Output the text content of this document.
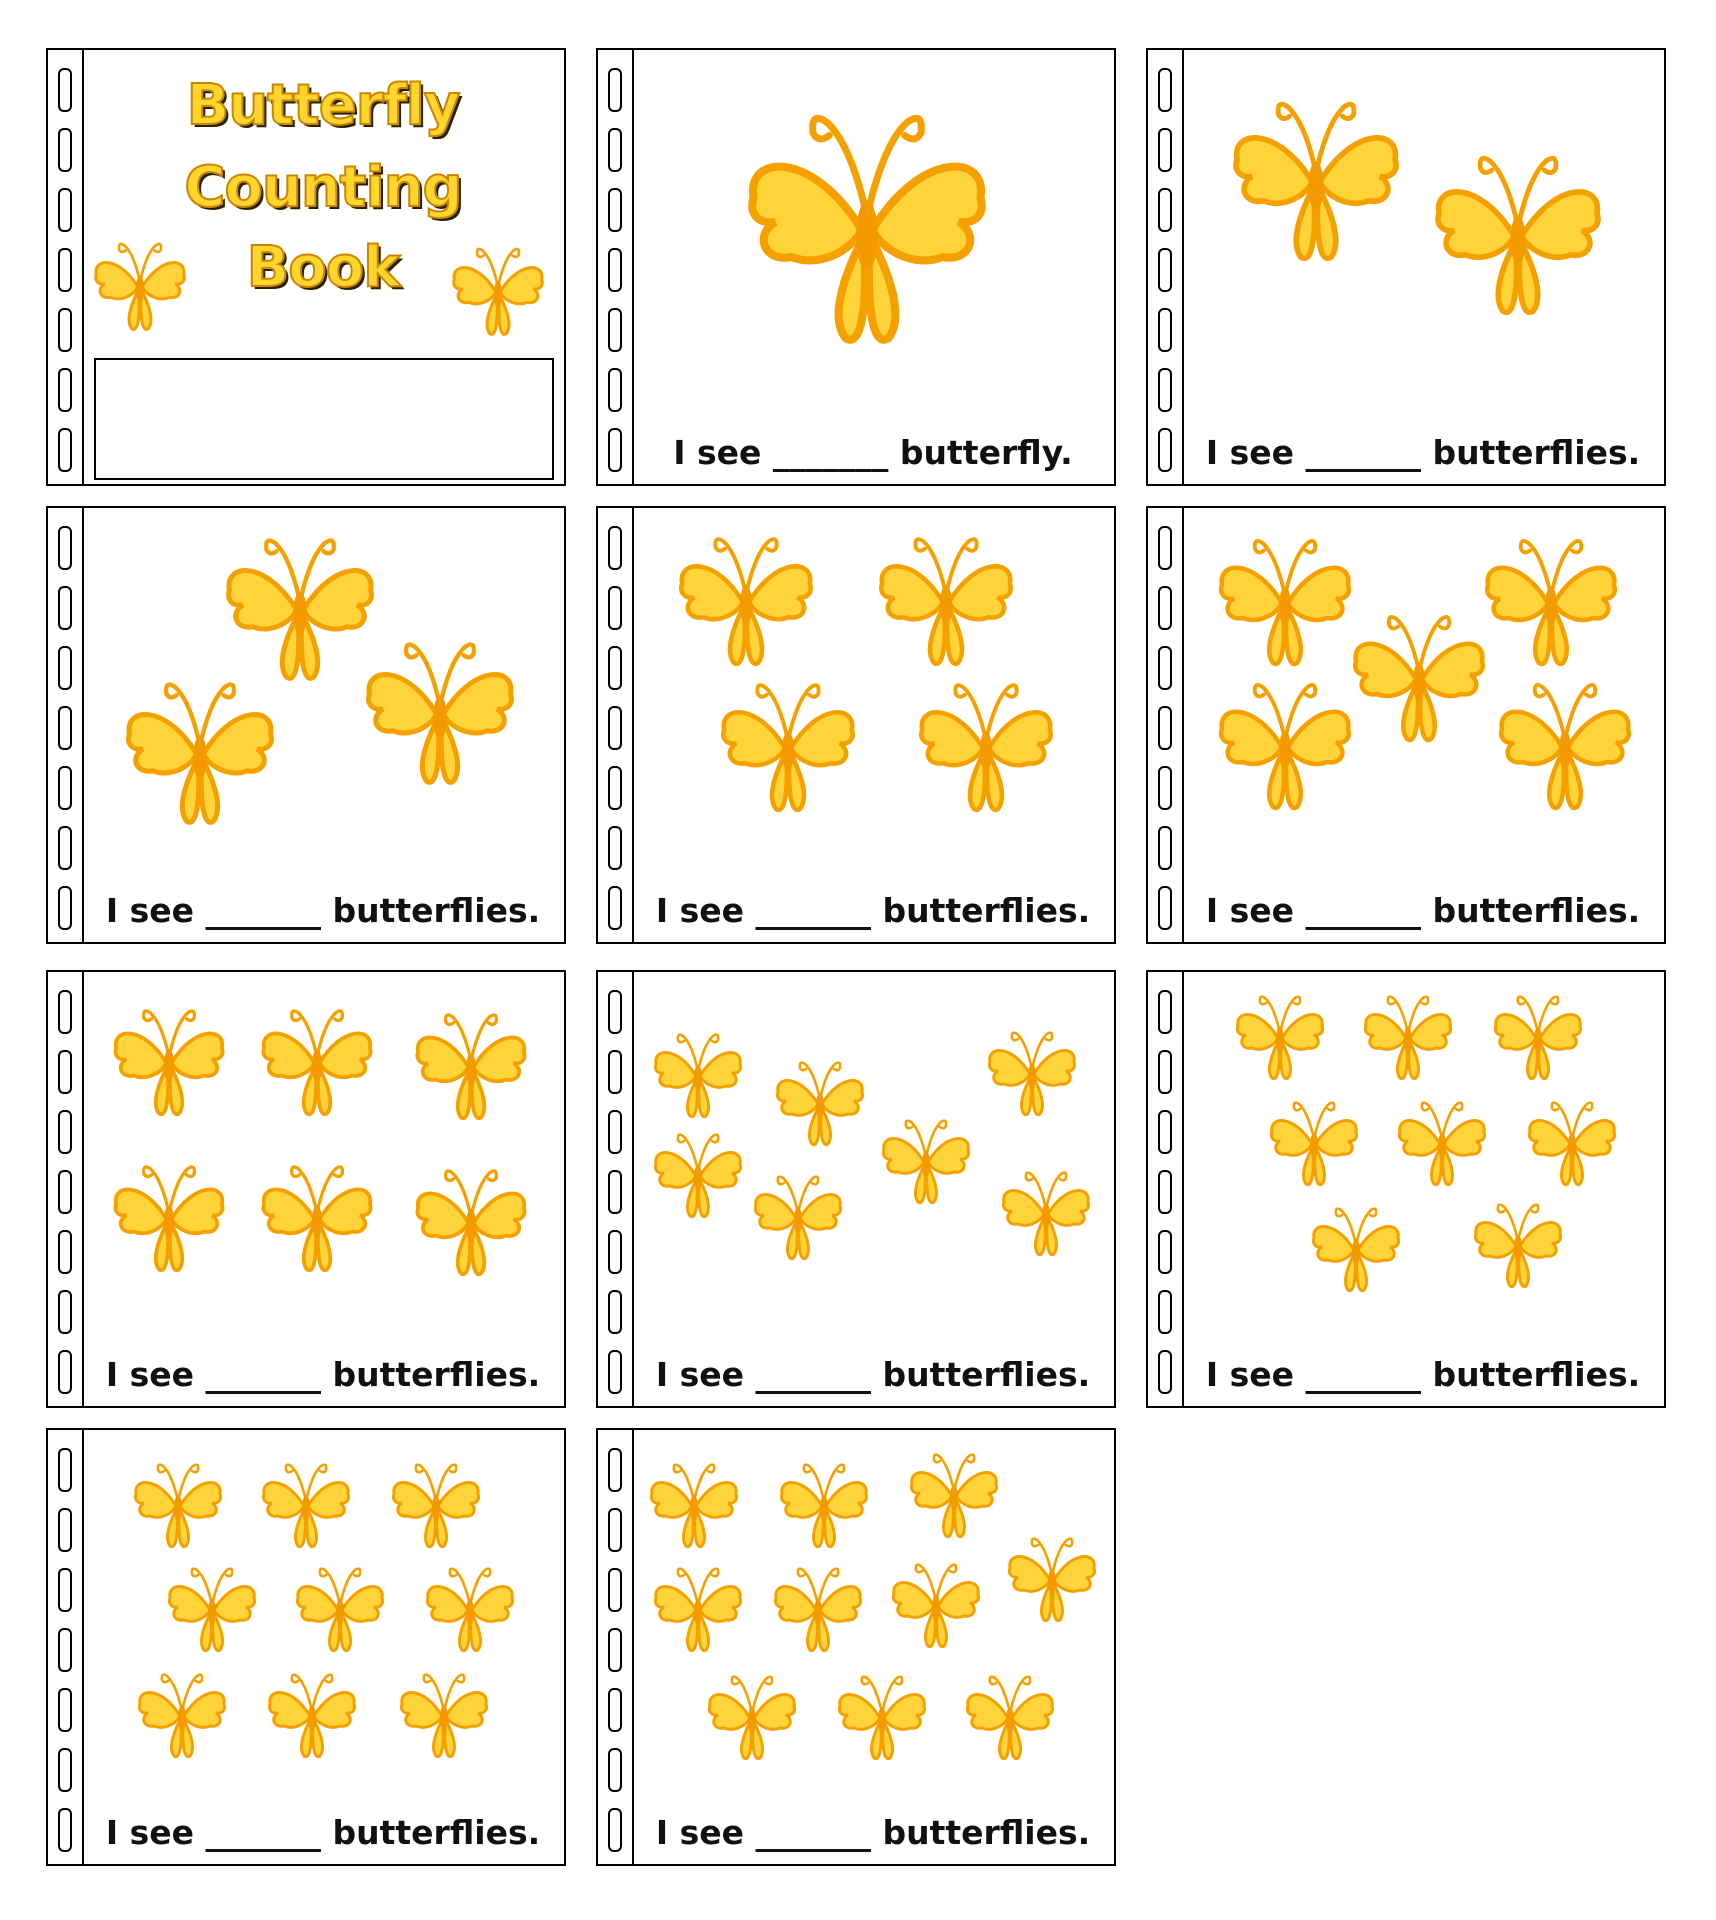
Butterfly
Counting
Book
I see _______ butterfly.	I see _______ butterflies.
I see _______ butterflies.	I see _______ butterflies.	I see _______ butterflies.
I see _______ butterflies.	I see _______ butterflies.	I see _______ butterflies.
I see _______ butterflies.	I see _______ butterflies.
